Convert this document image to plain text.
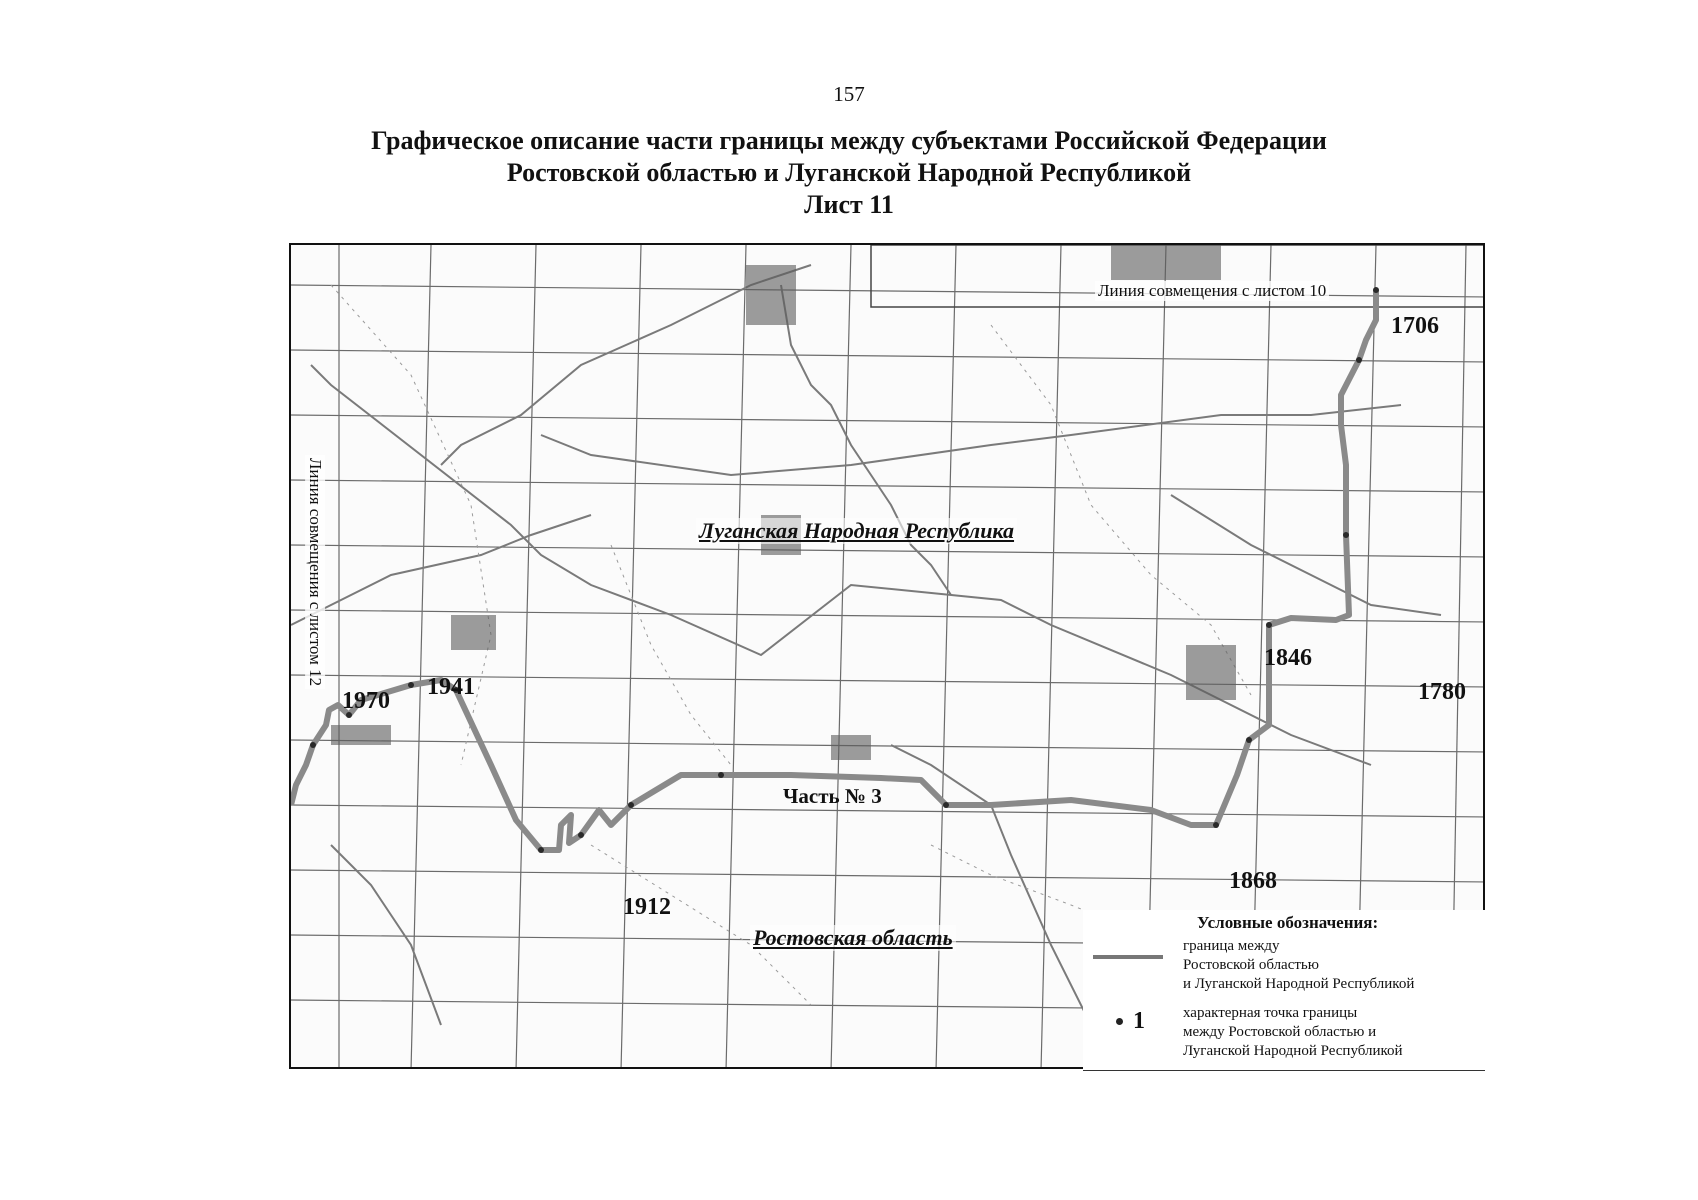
157
Графическое описание части границы между субъектами Российской Федерации
Ростовской областью и Луганской Народной Республикой
Лист 11
Линия совмещения с листом 10
Линия совмещения с листом 12	Луганская Народная Республика
Ростовская область
Часть № 3
1706
1780
1846
1868
1912
1941
1970
Условные обозначения:
граница между
Ростовской областью
и Луганской Народной Республикой
1	характерная точка границы
между Ростовской областью и
Луганской Народной Республикой
